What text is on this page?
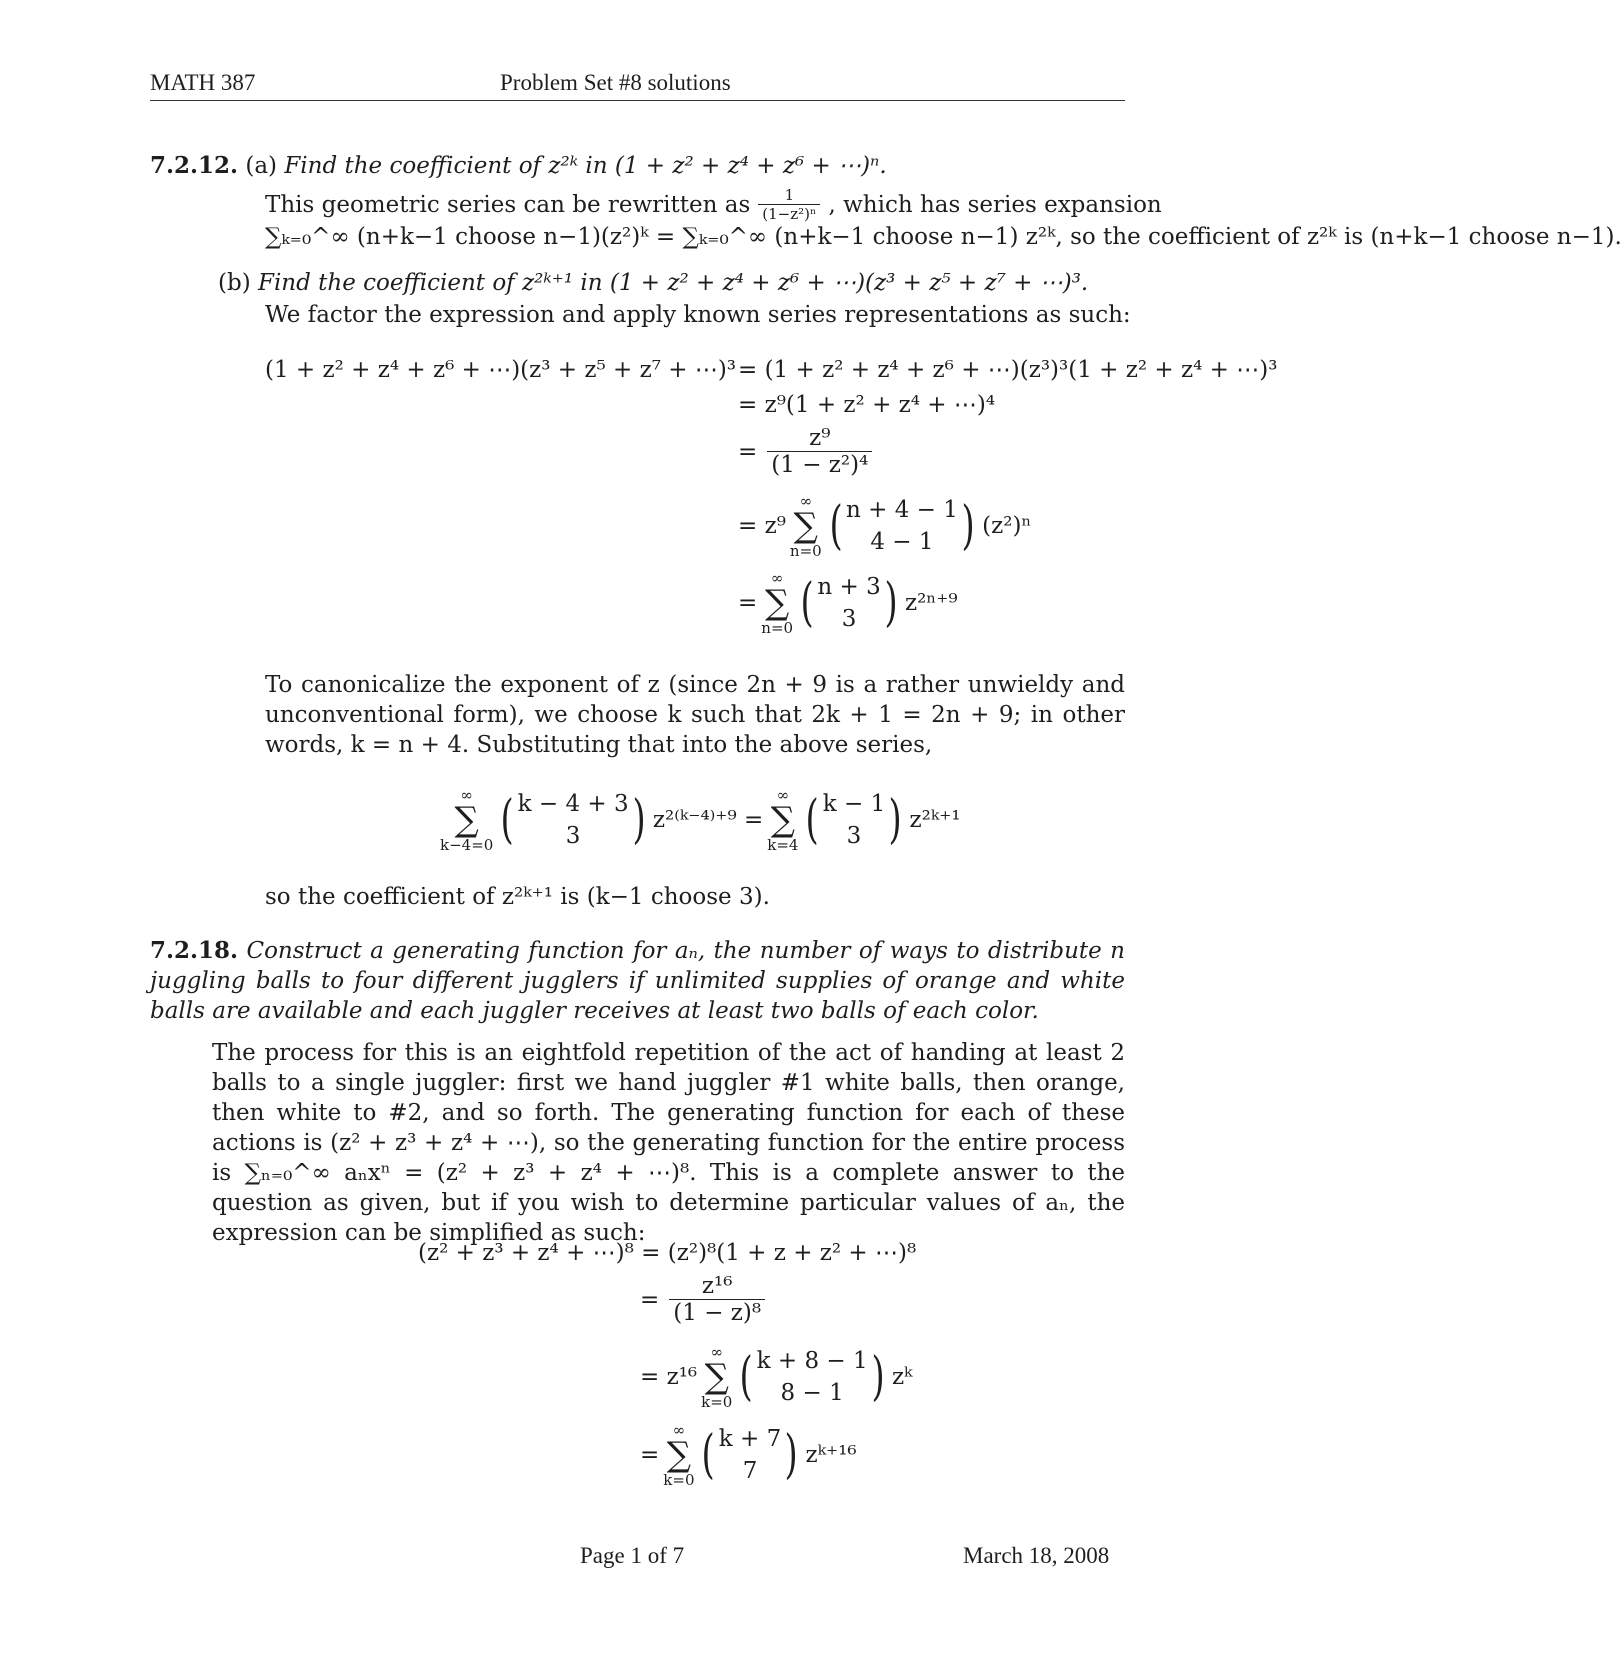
MATH 387	Problem Set #8 solutions
7.2.12. (a) Find the coefficient of z²ᵏ in (1 + z² + z⁴ + z⁶ + ⋯)ⁿ.
This geometric series can be rewritten as $\frac{1}{\text{(1−z²)ⁿ}}$ , which has series expansion
∑ₖ₌₀^∞ (n+k−1 choose n−1)(z²)ᵏ = ∑ₖ₌₀^∞ (n+k−1 choose n−1) z²ᵏ, so the coefficient of z²ᵏ is (n+k−1 choose n−1).
(b) Find the coefficient of z²ᵏ⁺¹ in (1 + z² + z⁴ + z⁶ + ⋯)(z³ + z⁵ + z⁷ + ⋯)³.
We factor the expression and apply known series representations as such:
(1 + z² + z⁴ + z⁶ + ⋯)(z³ + z⁵ + z⁷ + ⋯)³ = (1 + z² + z⁴ + z⁶ + ⋯)(z³)³(1 + z² + z⁴ + ⋯)³
= z⁹(1 + z² + z⁴ + ⋯)⁴
= $\frac{\text{z⁹}}{\text{(1 − z²)⁴}}$
= z⁹
∞
∑
n=0 ( n + 4 − 1
4 − 1 ) (z²)ⁿ
=
∞
∑
n=0 ( n + 3
3 ) z²ⁿ⁺⁹
To canonicalize the exponent of z (since 2n + 9 is a rather unwieldy and unconventional form), we choose k such that 2k + 1 = 2n + 9; in other words, k = n + 4. Substituting that into the above series,
∞
∑
k−4=0 ( k − 4 + 3
3 ) z²⁽ᵏ⁻⁴⁾⁺⁹ =
∞
∑
k=4 ( k − 1
3 ) z²ᵏ⁺¹
so the coefficient of z²ᵏ⁺¹ is (k−1 choose 3).
7.2.18. Construct a generating function for aₙ, the number of ways to distribute n juggling balls to four different jugglers if unlimited supplies of orange and white balls are available and each juggler receives at least two balls of each color.
The process for this is an eightfold repetition of the act of handing at least 2 balls to a single juggler: first we hand juggler #1 white balls, then orange, then white to #2, and so forth. The generating function for each of these actions is (z² + z³ + z⁴ + ⋯), so the generating function for the entire process is ∑ₙ₌₀^∞ aₙxⁿ = (z² + z³ + z⁴ + ⋯)⁸. This is a complete answer to the question as given, but if you wish to determine particular values of aₙ, the expression can be simplified as such:
(z² + z³ + z⁴ + ⋯)⁸ = (z²)⁸(1 + z + z² + ⋯)⁸
= $\frac{\text{z¹⁶}}{\text{(1 − z)⁸}}$
= z¹⁶
∞
∑
k=0 ( k + 8 − 1
8 − 1 ) zᵏ
=
∞
∑
k=0 ( k + 7
7 ) zᵏ⁺¹⁶
Page 1 of 7	March 18, 2008
